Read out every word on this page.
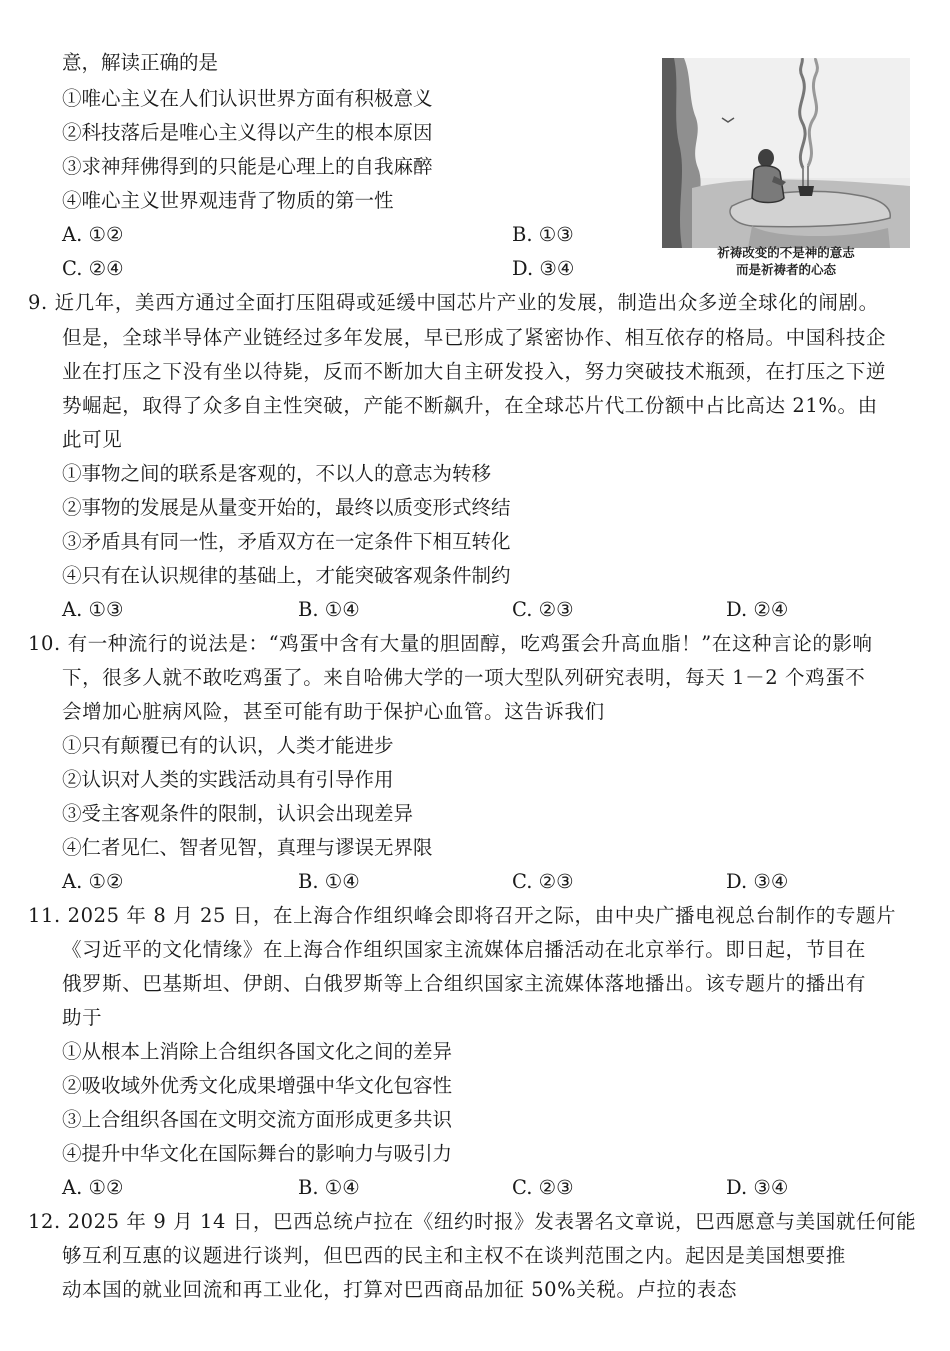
意，解读正确的是
①唯心主义在人们认识世界方面有积极意义
②科技落后是唯心主义得以产生的根本原因
③求神拜佛得到的只能是心理上的自我麻醉
④唯心主义世界观违背了物质的第一性
A. ①②	B. ①③
C. ②④	D. ③④
祈祷改变的不是神的意志
而是祈祷者的心态
9. 近几年，美西方通过全面打压阻碍或延缓中国芯片产业的发展，制造出众多逆全球化的闹剧。
但是，全球半导体产业链经过多年发展，早已形成了紧密协作、相互依存的格局。中国科技企
业在打压之下没有坐以待毙，反而不断加大自主研发投入，努力突破技术瓶颈，在打压之下逆
势崛起，取得了众多自主性突破，产能不断飙升，在全球芯片代工份额中占比高达 21%。由
此可见
①事物之间的联系是客观的，不以人的意志为转移
②事物的发展是从量变开始的，最终以质变形式终结
③矛盾具有同一性，矛盾双方在一定条件下相互转化
④只有在认识规律的基础上，才能突破客观条件制约
A. ①③	B. ①④	C. ②③	D. ②④
10. 有一种流行的说法是：“鸡蛋中含有大量的胆固醇，吃鸡蛋会升高血脂！”在这种言论的影响
下，很多人就不敢吃鸡蛋了。来自哈佛大学的一项大型队列研究表明，每天 1－2 个鸡蛋不
会增加心脏病风险，甚至可能有助于保护心血管。这告诉我们
①只有颠覆已有的认识，人类才能进步
②认识对人类的实践活动具有引导作用
③受主客观条件的限制，认识会出现差异
④仁者见仁、智者见智，真理与谬误无界限
A. ①②	B. ①④	C. ②③	D. ③④
11. 2025 年 8 月 25 日，在上海合作组织峰会即将召开之际，由中央广播电视总台制作的专题片
《习近平的文化情缘》在上海合作组织国家主流媒体启播活动在北京举行。即日起，节目在
俄罗斯、巴基斯坦、伊朗、白俄罗斯等上合组织国家主流媒体落地播出。该专题片的播出有
助于
①从根本上消除上合组织各国文化之间的差异
②吸收域外优秀文化成果增强中华文化包容性
③上合组织各国在文明交流方面形成更多共识
④提升中华文化在国际舞台的影响力与吸引力
A. ①②	B. ①④	C. ②③	D. ③④
12. 2025 年 9 月 14 日，巴西总统卢拉在《纽约时报》发表署名文章说，巴西愿意与美国就任何能
够互利互惠的议题进行谈判，但巴西的民主和主权不在谈判范围之内。起因是美国想要推
动本国的就业回流和再工业化，打算对巴西商品加征 50%关税。卢拉的表态
